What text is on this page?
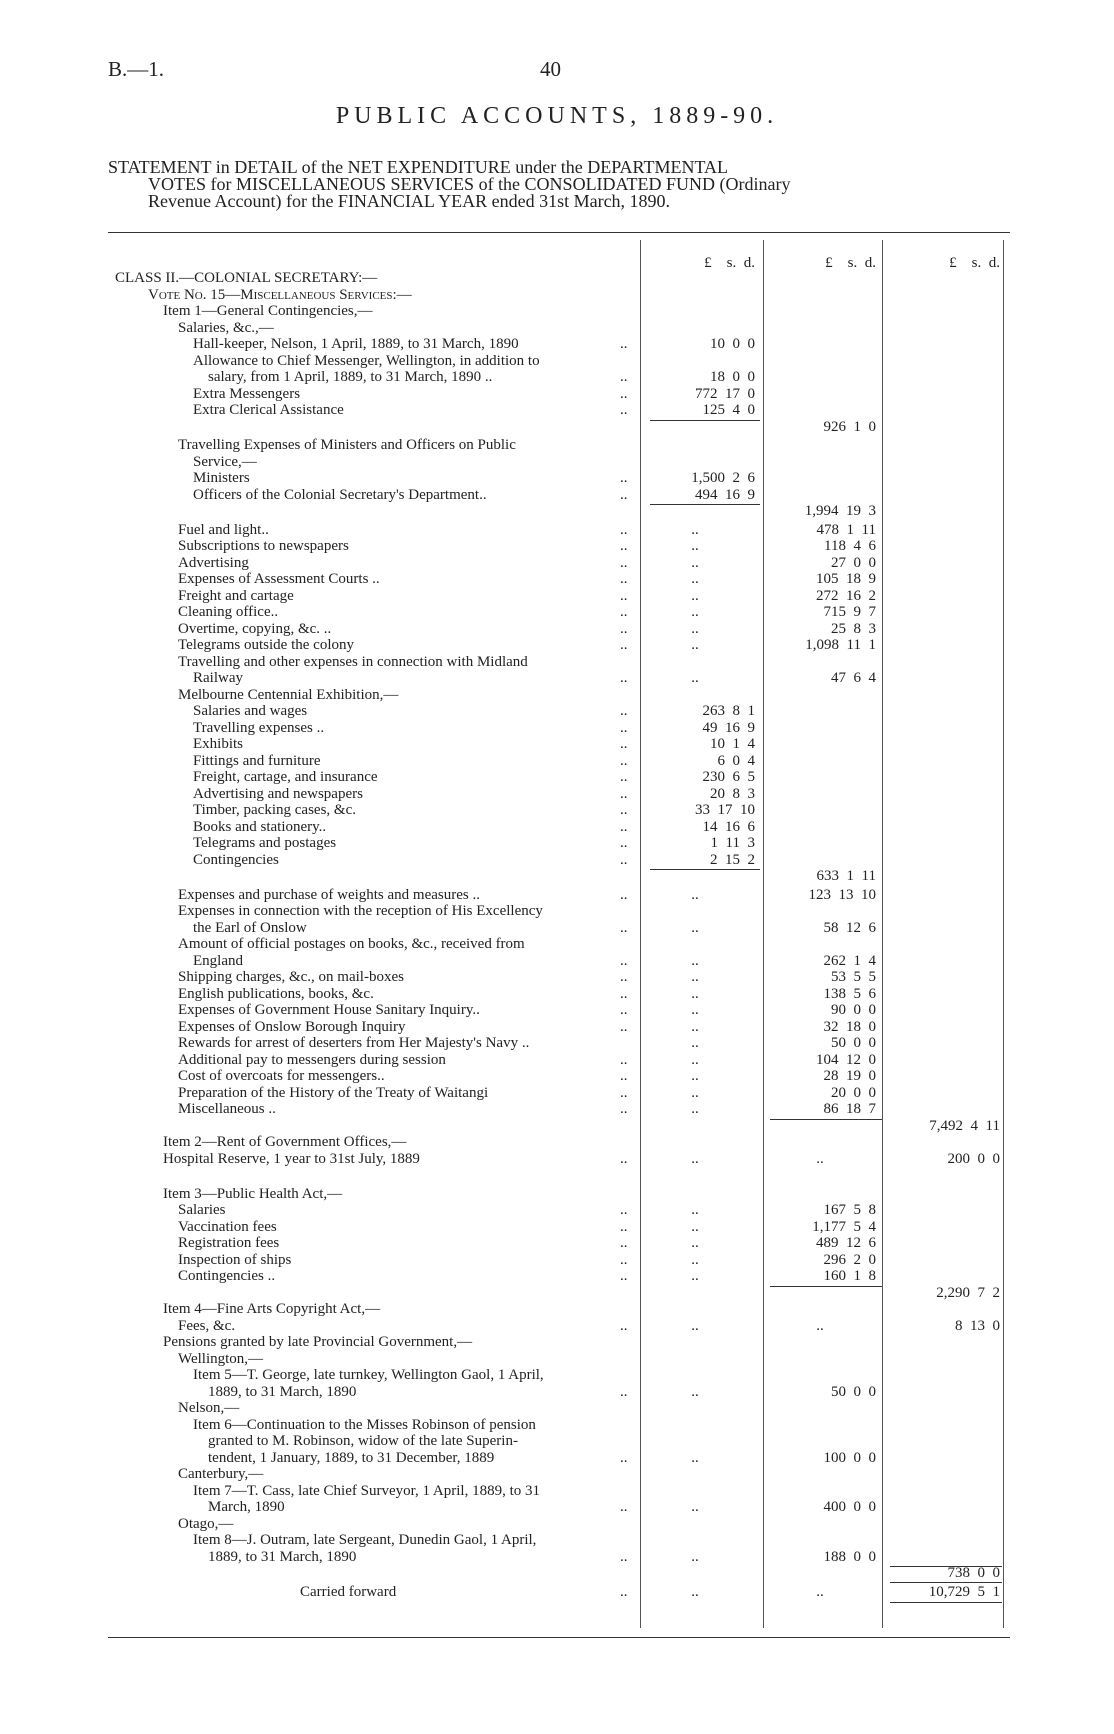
B.—1.	40
PUBLIC ACCOUNTS, 1889-90.
STATEMENT in DETAIL of the NET EXPENDITURE under the DEPARTMENTAL
VOTES for MISCELLANEOUS SERVICES of the CONSOLIDATED FUND (Ordinary
Revenue Account) for the FINANCIAL YEAR ended 31st March, 1890.
£ s. d.	£ s. d.	£ s. d.
CLASS II.—COLONIAL SECRETARY:—
Vote No. 15—Miscellaneous Services:—
Item 1—General Contingencies,—
Salaries, &c.,—
Hall-keeper, Nelson, 1 April, 1889, to 31 March, 1890	..	10 0 0
Allowance to Chief Messenger, Wellington, in addition to
salary, from 1 April, 1889, to 31 March, 1890 ..	..	18 0 0
Extra Messengers	..	772 17 0
Extra Clerical Assistance	..	125 4 0
926 1 0
Travelling Expenses of Ministers and Officers on Public
Service,—
Ministers	..	1,500 2 6
Officers of the Colonial Secretary's Department..	..	494 16 9
1,994 19 3
Fuel and light..	..	..	478 1 11
Subscriptions to newspapers	..	..	118 4 6
Advertising	..	..	27 0 0
Expenses of Assessment Courts ..	..	..	105 18 9
Freight and cartage	..	..	272 16 2
Cleaning office..	..	..	715 9 7
Overtime, copying, &c. ..	..	..	25 8 3
Telegrams outside the colony	..	..	1,098 11 1
Travelling and other expenses in connection with Midland
Railway	..	..	47 6 4
Melbourne Centennial Exhibition,—
Salaries and wages	..	263 8 1
Travelling expenses ..	..	49 16 9
Exhibits	..	10 1 4
Fittings and furniture	..	6 0 4
Freight, cartage, and insurance	..	230 6 5
Advertising and newspapers	..	20 8 3
Timber, packing cases, &c.	..	33 17 10
Books and stationery..	..	14 16 6
Telegrams and postages	..	1 11 3
Contingencies	..	2 15 2
633 1 11
Expenses and purchase of weights and measures ..	..	..	123 13 10
Expenses in connection with the reception of His Excellency
the Earl of Onslow	..	..	58 12 6
Amount of official postages on books, &c., received from
England	..	..	262 1 4
Shipping charges, &c., on mail-boxes	..	..	53 5 5
English publications, books, &c.	..	..	138 5 6
Expenses of Government House Sanitary Inquiry..	..	..	90 0 0
Expenses of Onslow Borough Inquiry	..	..	32 18 0
Rewards for arrest of deserters from Her Majesty's Navy ..	..	50 0 0
Additional pay to messengers during session	..	..	104 12 0
Cost of overcoats for messengers..	..	..	28 19 0
Preparation of the History of the Treaty of Waitangi	..	..	20 0 0
Miscellaneous ..	..	..	86 18 7
7,492 4 11
Item 2—Rent of Government Offices,—
Hospital Reserve, 1 year to 31st July, 1889	..	..	..	200 0 0
Item 3—Public Health Act,—
Salaries	..	..	167 5 8
Vaccination fees	..	..	1,177 5 4
Registration fees	..	..	489 12 6
Inspection of ships	..	..	296 2 0
Contingencies ..	..	..	160 1 8
2,290 7 2
Item 4—Fine Arts Copyright Act,—
Fees, &c.	..	..	..	8 13 0
Pensions granted by late Provincial Government,—
Wellington,—
Item 5—T. George, late turnkey, Wellington Gaol, 1 April,
1889, to 31 March, 1890	..	..	50 0 0
Nelson,—
Item 6—Continuation to the Misses Robinson of pension
granted to M. Robinson, widow of the late Superin-
tendent, 1 January, 1889, to 31 December, 1889	..	..	100 0 0
Canterbury,—
Item 7—T. Cass, late Chief Surveyor, 1 April, 1889, to 31
March, 1890	..	..	400 0 0
Otago,—
Item 8—J. Outram, late Sergeant, Dunedin Gaol, 1 April,
1889, to 31 March, 1890	..	..	188 0 0
738 0 0
Carried forward	..	..	..	10,729 5 1
